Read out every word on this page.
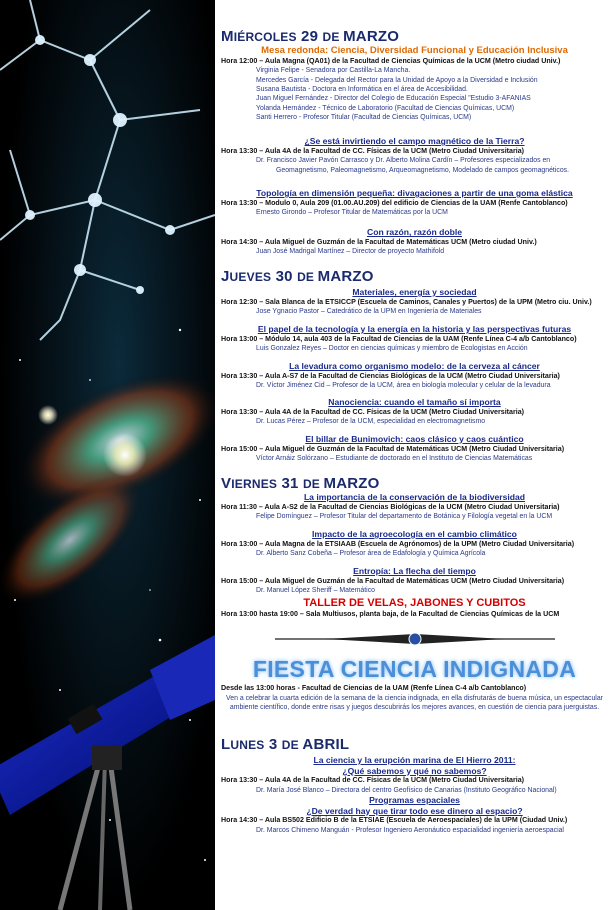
MIÉRCOLES 29 DE MARZO

Mesa redonda: Ciencia, Diversidad Funcional y Educación Inclusiva

Hora 12:00 – Aula Magna (QA01) de la Facultad de Ciencias Químicas de la UCM (Metro ciudad Univ.)

Virginia Felipe - Senadora por Castilla-La Mancha.

Mercedes García - Delegada del Rector para la Unidad de Apoyo a la Diversidad e Inclusión

Susana Bautista - Doctora en Informática en el área de Accesibilidad.

Juan Miguel Fernández - Director del Colegio de Educación Especial "Estudio 3-AFANIAS

Yolanda Hernández - Técnico de Laboratorio (Facultad de Ciencias Químicas, UCM)

Santi Herrero - Profesor Titular (Facultad de Ciencias Químicas, UCM)

¿Se está invirtiendo el campo magnético de la Tierra?

Hora 13:30 – Aula 4A de la Facultad de CC. Físicas de la UCM (Metro Ciudad Universitaria)

Dr. Francisco Javier Pavón Carrasco y Dr. Alberto Molina Cardín – Profesores especializados en

Geomagnetismo, Paleomagnetismo, Arqueomagnetismo, Modelado de campos geomagnéticos.

Topología en dimensión pequeña: divagaciones a partir de una goma elástica

Hora 13:30 – Modulo 0, Aula 209 (01.00.AU.209) del edificio de Ciencias de la UAM (Renfe Cantoblanco)

Ernesto Girondo – Profesor Titular de Matemáticas por la UCM

Con razón, razón doble

Hora 14:30 – Aula Miguel de Guzmán de la Facultad de Matemáticas UCM (Metro ciudad Univ.)

Juan José Madrigal Martínez – Director de proyecto Mathifold

JUEVES 30 DE MARZO

Materiales, energía y sociedad

Hora 12:30 – Sala Blanca de la ETSICCP (Escuela de Caminos, Canales y Puertos) de la UPM (Metro ciu. Univ.)

Jose Ygnacio Pastor – Catedrático de la UPM en Ingeniería de Materiales

El papel de la tecnología y la energía en la historia y las perspectivas futuras

Hora 13:00 – Módulo 14, aula 403 de la Facultad de Ciencias de la UAM (Renfe Línea C-4 a/b Cantoblanco)

Luis Gonzalez Reyes – Doctor en ciencias químicas y miembro de Ecologistas en Acción

La levadura como organismo modelo: de la cerveza al cáncer

Hora 13:30 – Aula A-S7 de la Facultad de Ciencias Biológicas de la UCM (Metro Ciudad Universitaria)

Dr. Víctor Jiménez Cid – Profesor de la UCM, área en biología molecular y celular de la levadura

Nanociencia: cuando el tamaño sí importa

Hora 13:30 – Aula 4A de la Facultad de CC. Físicas de la UCM (Metro Ciudad Universitaria)

Dr. Lucas Pérez – Profesor de la UCM, especialidad en electromagnetismo

El billar de Bunimovich: caos clásico y caos cuántico

Hora 15:00 – Aula Miguel de Guzmán de la Facultad de Matemáticas UCM (Metro Ciudad Universitaria)

Víctor Arnáiz Solórzano – Estudiante de doctorado en el Instituto de Ciencias Matemáticas

VIERNES 31 DE MARZO

La importancia de la conservación de la biodiversidad

Hora 11:30 – Aula A-S2 de la Facultad de Ciencias Biológicas de la UCM (Metro Ciudad Universitaria)

Felipe Domínguez – Profesor Titular del departamento de Botánica y Filología vegetal en la UCM

Impacto de la agroecología en el cambio climático

Hora 13:00 – Aula Magna de la ETSIAAB (Escuela de Agrónomos) de la UPM (Metro Ciudad Universitaria)

Dr. Alberto Sanz Cobeña – Profesor área de Edafología y Química Agrícola

Entropía: La flecha del tiempo

Hora 15:00 – Aula Miguel de Guzmán de la Facultad de Matemáticas UCM (Metro Ciudad Universitaria)

Dr. Manuel López Sheriff – Matemático

TALLER DE VELAS, JABONES Y CUBITOS

Hora 13:00 hasta 19:00 – Sala Multiusos, planta baja, de la Facultad de Ciencias Químicas de la UCM

FIESTA CIENCIA INDIGNADA

Desde las 13:00 horas - Facultad de Ciencias de la UAM (Renfe Línea C-4 a/b Cantoblanco)

Ven a celebrar la cuarta edición de la semana de la ciencia indignada, en ella disfrutarás de buena música, un espectacular ambiente científico, donde entre risas y juegos descubrirás los mejores avances, en cuestión de ciencia para juerguistas.

LUNES 3 DE ABRIL

La ciencia y la erupción marina de El Hierro 2011:

¿Qué sabemos y qué no sabemos?

Hora 13:30 – Aula 4A de la Facultad de CC. Físicas de la UCM (Metro Ciudad Universitaria)

Dr. María José Blanco – Directora del centro Geofísico de Canarias (Instituto Geográfico Nacional)

Programas espaciales

¿De verdad hay que tirar todo ese dinero al espacio?

Hora 14:30 – Aula BS502 Edificio B de la ETSIAE (Escuela de Aeroespaciales) de la UPM (Ciudad Univ.)

Dr. Marcos Chimeno Manguán - Profesor Ingeniero Aeronáutico espacialidad ingeniería aeroespacial
